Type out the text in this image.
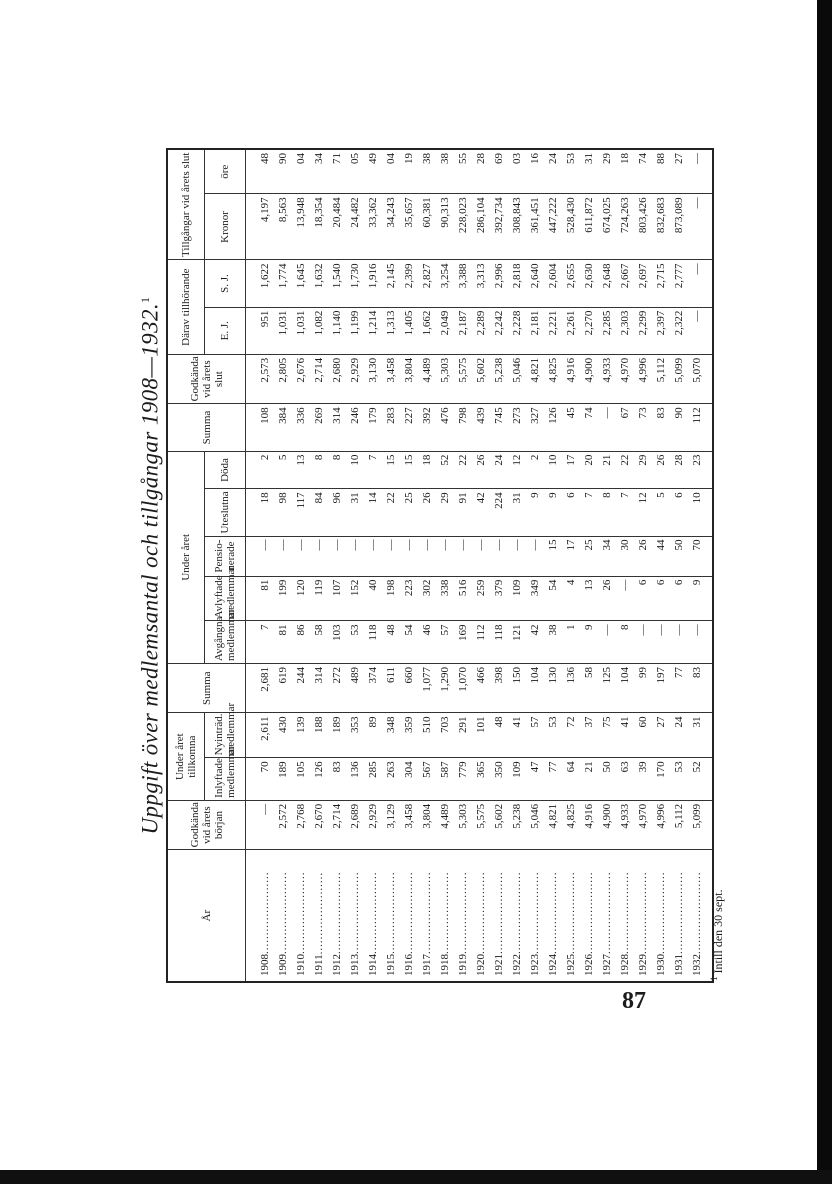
Uppgift över medlemsantal och tillgångar 1908—1932.$^1$
År	Godkända vid årets början	Under året tillkomna		Summa	Under året					Summa	Godkända vid årets slut	Därav tillhörande		Tillgångar vid årets slut	
		Inlyftade medlemmar	Nyinträd. medlemmar		Avgångna medlemmar	Avlyftade medlemmar	Pensio-nerade	Uteslutna	Döda			E. J.	S. J.	Kronor	öre
1908......................	—	70	2,611	2,681	7	81	—	18	2	108	2,573	951	1,622	4,197	48
1909......................	2,572	189	430	619	81	199	—	98	5	384	2,805	1,031	1,774	8,563	90
1910......................	2,768	105	139	244	86	120	—	117	13	336	2,676	1,031	1,645	13,948	04
1911......................	2,670	126	188	314	58	119	—	84	8	269	2,714	1,082	1,632	18,354	34
1912......................	2,714	83	189	272	103	107	—	96	8	314	2,680	1,140	1,540	20,484	71
1913......................	2,689	136	353	489	53	152	—	31	10	246	2,929	1,199	1,730	24,482	05
1914......................	2,929	285	89	374	118	40	—	14	7	179	3,130	1,214	1,916	33,362	49
1915......................	3,129	263	348	611	48	198	—	22	15	283	3,458	1,313	2,145	34,243	04
1916......................	3,458	304	359	660	54	223	—	25	15	227	3,804	1,405	2,399	35,657	19
1917......................	3,804	567	510	1,077	46	302	—	26	18	392	4,489	1,662	2,827	60,381	38
1918......................	4,489	587	703	1,290	57	338	—	29	52	476	5,303	2,049	3,254	90,313	38
1919......................	5,303	779	291	1,070	169	516	—	91	22	798	5,575	2,187	3,388	228,023	55
1920......................	5,575	365	101	466	112	259	—	42	26	439	5,602	2,289	3,313	286,104	28
1921......................	5,602	350	48	398	118	379	—	224	24	745	5,238	2,242	2,996	392,734	69
1922......................	5,238	109	41	150	121	109	—	31	12	273	5,046	2,228	2,818	308,843	03
1923......................	5,046	47	57	104	42	349	—	9	2	327	4,821	2,181	2,640	361,451	16
1924......................	4,821	77	53	130	38	54	15	9	10	126	4,825	2,221	2,604	447,222	24
1925......................	4,825	64	72	136	1	4	17	6	17	45	4,916	2,261	2,655	528,430	53
1926......................	4,916	21	37	58	9	13	25	7	20	74	4,900	2,270	2,630	611,872	31
1927......................	4,900	50	75	125	—	26	34	8	21	—	4,933	2,285	2,648	674,025	29
1928......................	4,933	63	41	104	8	—	30	7	22	67	4,970	2,303	2,667	724,263	18
1929......................	4,970	39	60	99	—	6	26	12	29	73	4,996	2,299	2,697	803,426	74
1930......................	4,996	170	27	197	—	6	44	5	26	83	5,112	2,397	2,715	832,683	88
1931......................	5,112	53	24	77	—	6	50	6	28	90	5,099	2,322	2,777	873,089	27
1932......................	5,099	52	31	83	—	9	70	10	23	112	5,070	—	—	—	—
$^1$ Intill den 30 sept.
87
